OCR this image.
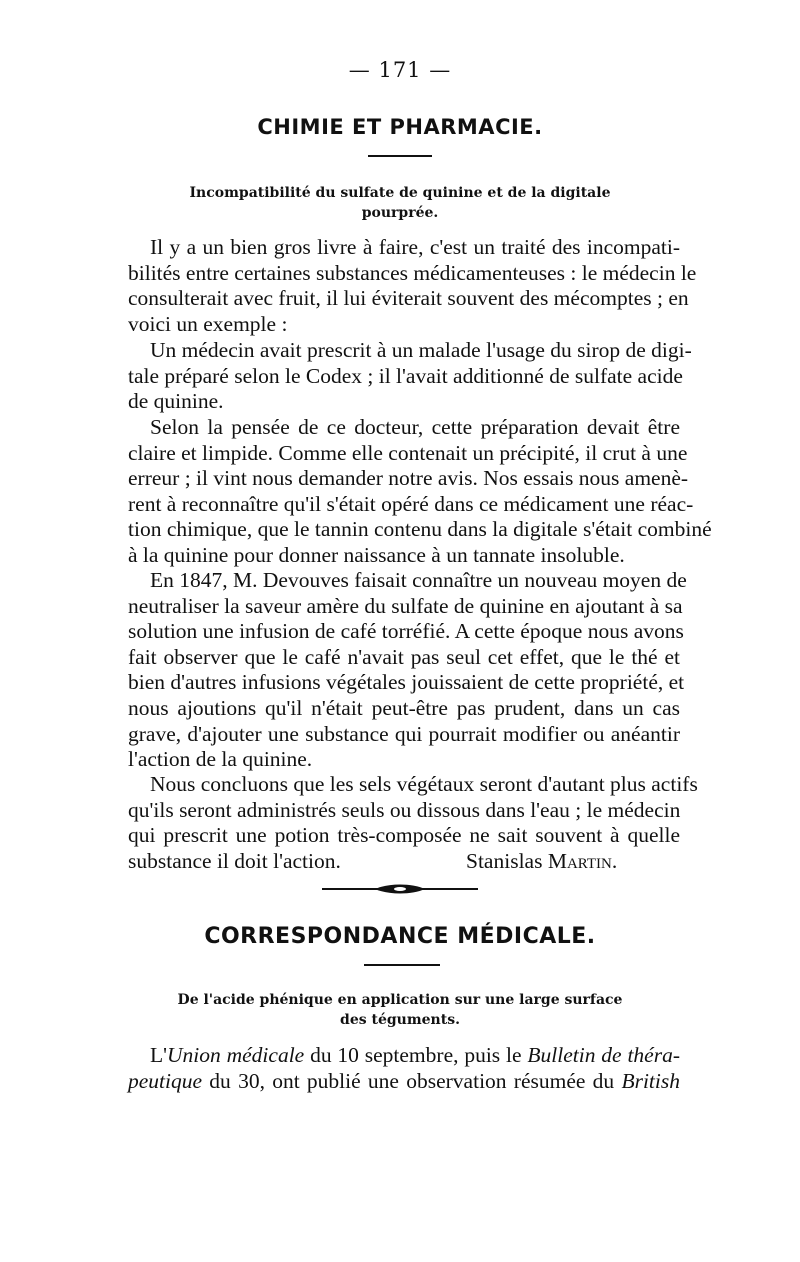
— 171 —
CHIMIE ET PHARMACIE.
Incompatibilité du sulfate de quinine et de la digitale
pourprée.
Il y a un bien gros livre à faire, c'est un traité des incompati-
bilités entre certaines substances médicamenteuses : le médecin le
consulterait avec fruit, il lui éviterait souvent des mécomptes ; en
voici un exemple :
Un médecin avait prescrit à un malade l'usage du sirop de digi-
tale préparé selon le Codex ; il l'avait additionné de sulfate acide
de quinine.
Selon la pensée de ce docteur, cette préparation devait être
claire et limpide. Comme elle contenait un précipité, il crut à une
erreur ; il vint nous demander notre avis. Nos essais nous amenè-
rent à reconnaître qu'il s'était opéré dans ce médicament une réac-
tion chimique, que le tannin contenu dans la digitale s'était combiné
à la quinine pour donner naissance à un tannate insoluble.
En 1847, M. Devouves faisait connaître un nouveau moyen de
neutraliser la saveur amère du sulfate de quinine en ajoutant à sa
solution une infusion de café torréfié. A cette époque nous avons
fait observer que le café n'avait pas seul cet effet, que le thé et
bien d'autres infusions végétales jouissaient de cette propriété, et
nous ajoutions qu'il n'était peut-être pas prudent, dans un cas
grave, d'ajouter une substance qui pourrait modifier ou anéantir
l'action de la quinine.
Nous concluons que les sels végétaux seront d'autant plus actifs
qu'ils seront administrés seuls ou dissous dans l'eau ; le médecin
qui prescrit une potion très-composée ne sait souvent à quelle
substance il doit l'action.	Stanislas Martin.
CORRESPONDANCE MÉDICALE.
De l'acide phénique en application sur une large surface
des téguments.
L'Union médicale du 10 septembre, puis le Bulletin de théra-
peutique du 30, ont publié une observation résumée du British
